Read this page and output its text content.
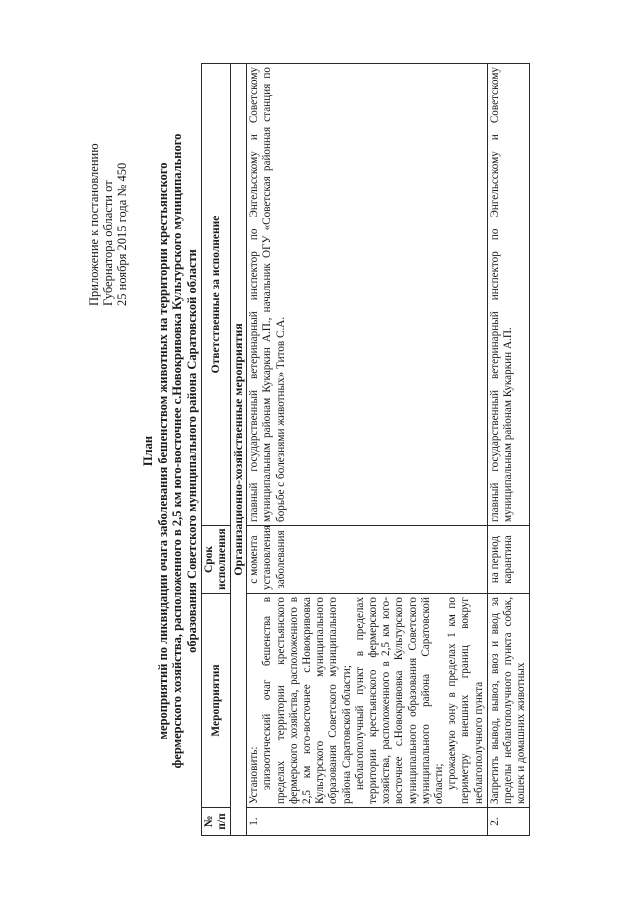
Приложение к постановлению Губернатора области от 25 ноября 2015 года № 450
План мероприятий по ликвидации очага заболевания бешенством животных на территории крестьянского фермерского хозяйства, расположенного в 2,5 км юго-восточнее с.Новокривовка Культурского муниципального образования Советского муниципального района Саратовской области
№ п/п	Мероприятия	Срок исполнения	Ответственные за исполнение
Организационно-хозяйственные мероприятия			
1.	Установить: эпизоотический очаг бешенства в пределах территории крестьянского фермерского хозяйства, расположенного в 2,5 км юго-восточнее с.Новокривовка Культурского муниципального образования Советского муниципального района Саратовской области; неблагополучный пункт в пределах территории крестьянского фермерского хозяйства, расположенного в 2,5 км юго-восточнее с.Новокривовка Культурского муниципального образования Советского муниципального района Саратовской области; угрожаемую зону в пределах 1 км по периметру внешних границ вокруг неблагополучного пункта	с момента установления заболевания	главный государственный ветеринарный инспектор по Энгельсскому и Советскому муниципальным районам Кукаркин А.П., начальник ОГУ «Советская районная станция по борьбе с болезнями животных» Титов С.А.
2.	Запретить вывод, вывоз, ввоз и ввод за пределы неблагополучного пункта собак, кошек и домашних животных	на период карантина	главный государственный ветеринарный инспектор по Энгельсскому и Советскому муниципальным районам Кукаркин А.П.
